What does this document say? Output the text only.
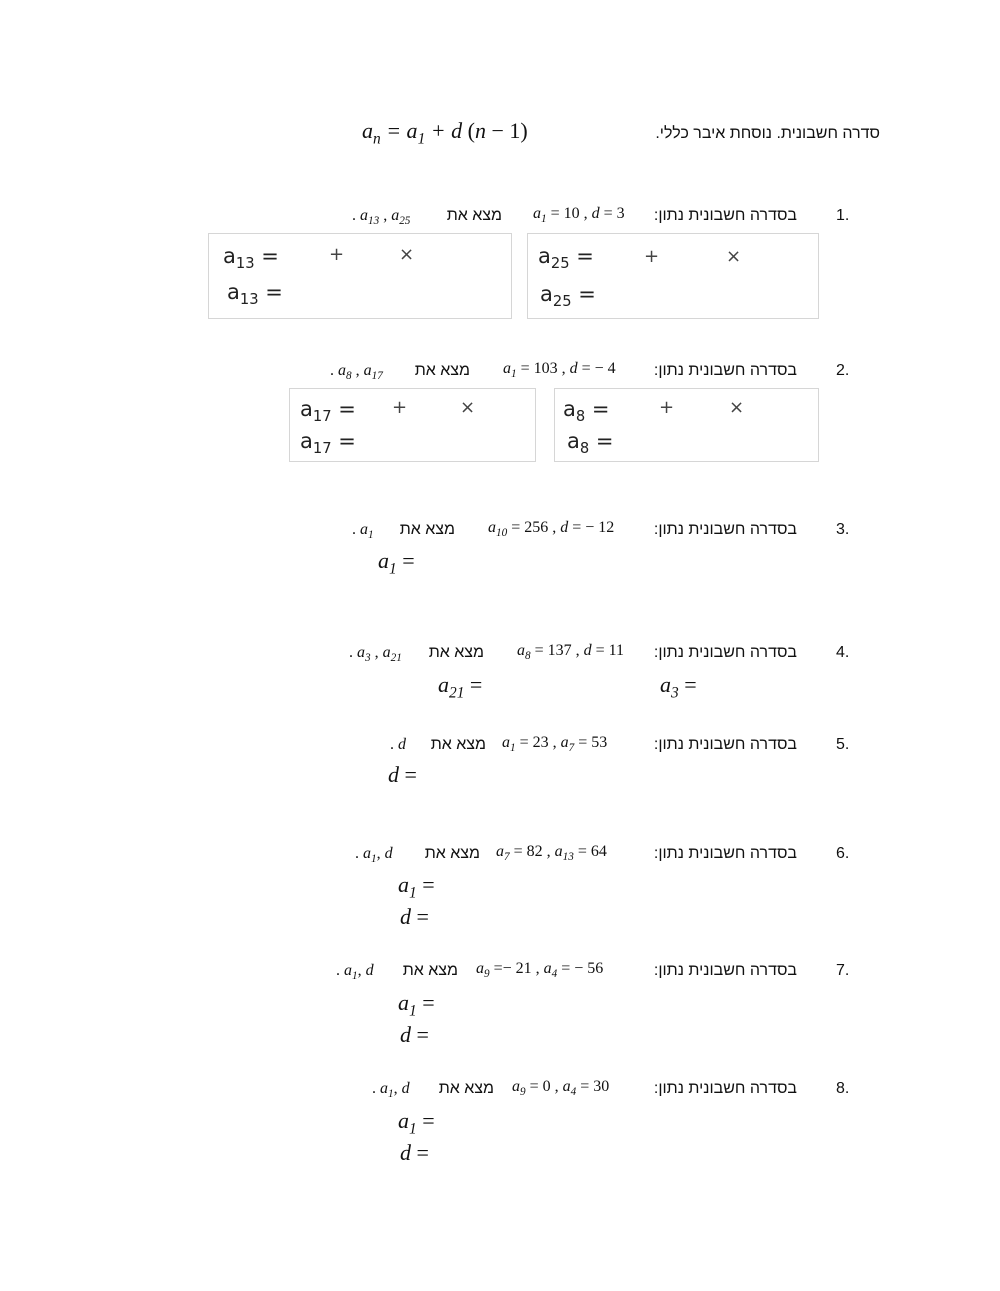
סדרה חשבונית. נוסחת איבר כללי.
$a_n = a_1 + d$ (n − 1)
1.
בסדרה חשבונית נתון:
$a_1 = 10$ , d = 3
מצא את
. $a_{13}$ , $a_{25}$
$a_{25}$ =	+	×
$a_{25}$ =
$a_{13}$ =	+	×
$a_{13}$ =
2.
בסדרה חשבונית נתון:
$a_1 = 103$ , d = − 4
מצא את
. $a_8$ , $a_{17}$
$a_8$ =	+	×
$a_8$ =
$a_{17}$ = +	×
$a_{17}$ =
3.
בסדרה חשבונית נתון:
$a_{10} = 256$ , d = − 12
מצא את
. $a_1$
$a_1$ =
4.
בסדרה חשבונית נתון:
$a_8 = 137$ , d = 11
מצא את
. $a_3$ , $a_{21}$
$a_{21}$ =	$a_3$ =
5.
בסדרה חשבונית נתון:
$a_1 = 23$ , $a_7 = 53$
מצא את
. d
d =
6.
בסדרה חשבונית נתון:
$a_7 = 82$ , $a_{13} = 64$
מצא את
. $a_1$, d
$a_1$ =
d =
7.
בסדרה חשבונית נתון:
$a_9 =- 21$ , $a_4$ = − 56
מצא את
. $a_1$, d
$a_1$ =
d =
8.
בסדרה חשבונית נתון:
$a_9 = 0$ , $a_4 = 30$
מצא את
. $a_1$, d
$a_1$ =
d =
